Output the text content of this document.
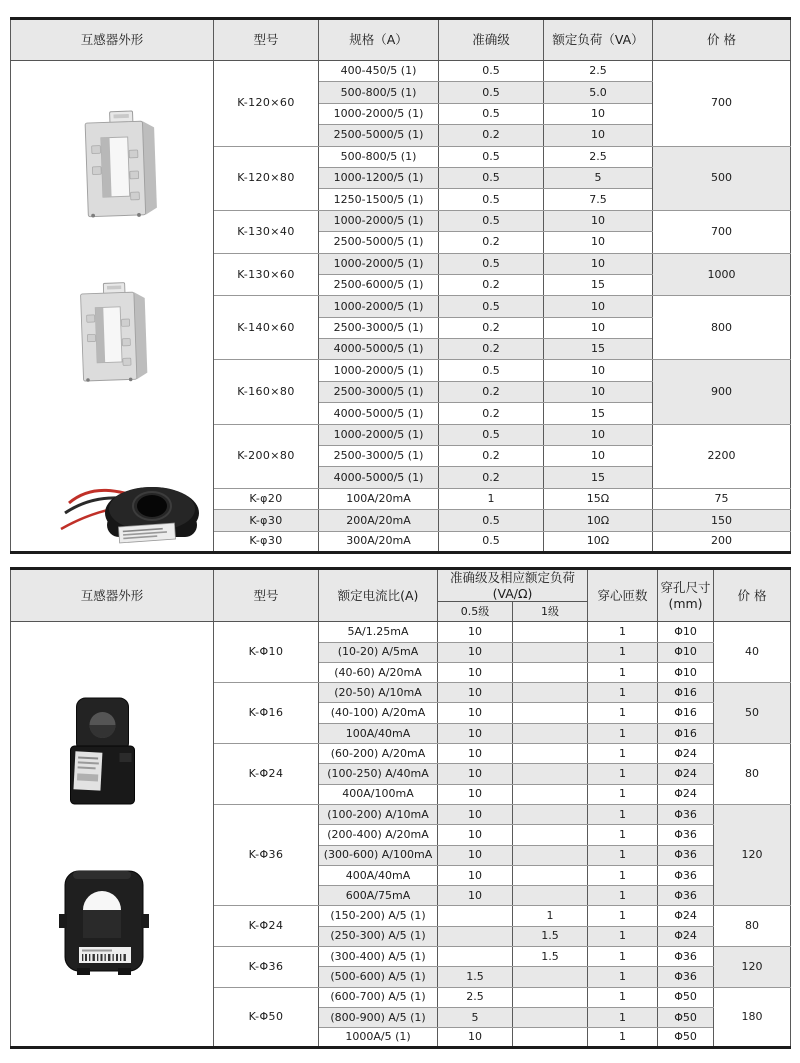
互感器外形	型号	规格（A）	准确级	额定负荷（VA）	价 格

	K-120×60	400-450/5 (1)	0.5	2.5	700
		500-800/5 (1)	0.5	5.0	
		1000-2000/5 (1)	0.5	10	
		2500-5000/5 (1)	0.2	10	
	K-120×80	500-800/5 (1)	0.5	2.5	500
		1000-1200/5 (1)	0.5	5	
		1250-1500/5 (1)	0.5	7.5	
	K-130×40	1000-2000/5 (1)	0.5	10	700
		2500-5000/5 (1)	0.2	10	
	K-130×60	1000-2000/5 (1)	0.5	10	1000
		2500-6000/5 (1)	0.2	15	
	K-140×60	1000-2000/5 (1)	0.5	10	800
		2500-3000/5 (1)	0.2	10	
		4000-5000/5 (1)	0.2	15	
	K-160×80	1000-2000/5 (1)	0.5	10	900
		2500-3000/5 (1)	0.2	10	
		4000-5000/5 (1)	0.2	15	
	K-200×80	1000-2000/5 (1)	0.5	10	2200
		2500-3000/5 (1)	0.2	10	
		4000-5000/5 (1)	0.2	15	
	K-φ20	100A/20mA	1	15Ω	75
	K-φ30	200A/20mA	0.5	10Ω	150
	K-φ30	300A/20mA	0.5	10Ω	200
互感器外形	型号	额定电流比(A)	准确级及相应额定负荷(VA/Ω)		穿心匝数	穿孔尺寸(mm)	价 格
			0.5级	1级			

	K-Φ10	5A/1.25mA	10		1	Φ10	40
		(10-20) A/5mA	10		1	Φ10	
		(40-60) A/20mA	10		1	Φ10	
	K-Φ16	(20-50) A/10mA	10		1	Φ16	50
		(40-100) A/20mA	10		1	Φ16	
		100A/40mA	10		1	Φ16	
	K-Φ24	(60-200) A/20mA	10		1	Φ24	80
		(100-250) A/40mA	10		1	Φ24	
		400A/100mA	10		1	Φ24	
	K-Φ36	(100-200) A/10mA	10		1	Φ36	120
		(200-400) A/20mA	10		1	Φ36	
		(300-600) A/100mA	10		1	Φ36	
		400A/40mA	10		1	Φ36	
		600A/75mA	10		1	Φ36	
	K-Φ24	(150-200) A/5 (1)		1	1	Φ24	80
		(250-300) A/5 (1)		1.5	1	Φ24	
	K-Φ36	(300-400) A/5 (1)		1.5	1	Φ36	120
		(500-600) A/5 (1)	1.5		1	Φ36	
	K-Φ50	(600-700) A/5 (1)	2.5		1	Φ50	180
		(800-900) A/5 (1)	5		1	Φ50	
		1000A/5 (1)	10		1	Φ50	
